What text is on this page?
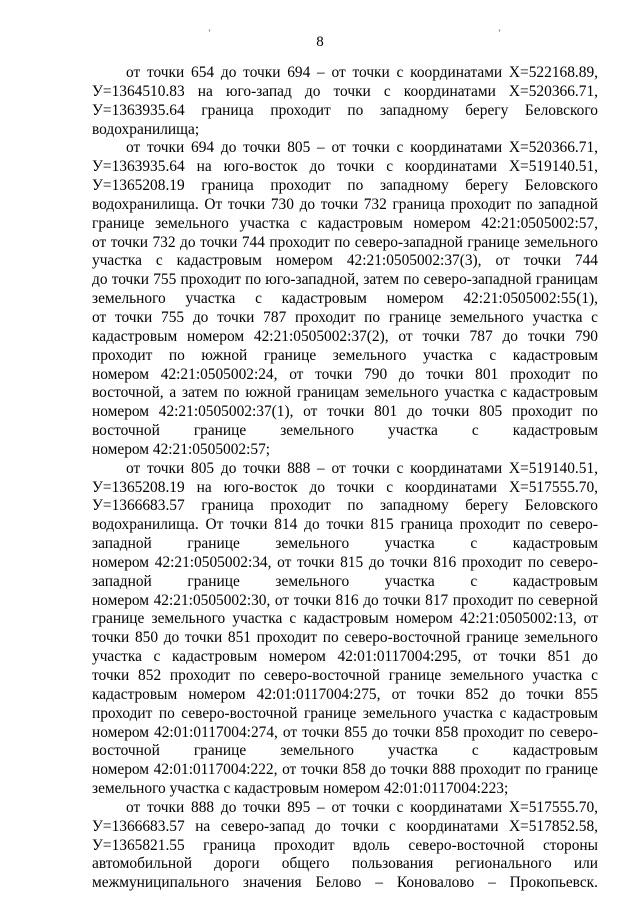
’	’
8
от точки 654 до точки 694 – от точки с координатами Х=522168.89,
У=1364510.83 на юго-запад до точки с координатами Х=520366.71,
У=1363935.64 граница проходит по западному берегу Беловского
водохранилища;
от точки 694 до точки 805 – от точки с координатами Х=520366.71,
У=1363935.64 на юго-восток до точки с координатами Х=519140.51,
У=1365208.19 граница проходит по западному берегу Беловского
водохранилища. От точки 730 до точки 732 граница проходит по западной
границе земельного участка с кадастровым номером 42:21:0505002:57,
от точки 732 до точки 744 проходит по северо-западной границе земельного
участка с кадастровым номером 42:21:0505002:37(3), от точки 744
до точки 755 проходит по юго-западной, затем по северо-западной границам
земельного участка с кадастровым номером 42:21:0505002:55(1),
от точки 755 до точки 787 проходит по границе земельного участка с
кадастровым номером 42:21:0505002:37(2), от точки 787 до точки 790
проходит по южной границе земельного участка с кадастровым
номером 42:21:0505002:24, от точки 790 до точки 801 проходит по
восточной, а затем по южной границам земельного участка с кадастровым
номером 42:21:0505002:37(1), от точки 801 до точки 805 проходит по
восточной границе земельного участка с кадастровым
номером 42:21:0505002:57;
от точки 805 до точки 888 – от точки с координатами Х=519140.51,
У=1365208.19 на юго-восток до точки с координатами Х=517555.70,
У=1366683.57 граница проходит по западному берегу Беловского
водохранилища. От точки 814 до точки 815 граница проходит по северо-
западной границе земельного участка с кадастровым
номером 42:21:0505002:34, от точки 815 до точки 816 проходит по северо-
западной границе земельного участка с кадастровым
номером 42:21:0505002:30, от точки 816 до точки 817 проходит по северной
границе земельного участка с кадастровым номером 42:21:0505002:13, от
точки 850 до точки 851 проходит по северо-восточной границе земельного
участка с кадастровым номером 42:01:0117004:295, от точки 851 до
точки 852 проходит по северо-восточной границе земельного участка с
кадастровым номером 42:01:0117004:275, от точки 852 до точки 855
проходит по северо-восточной границе земельного участка с кадастровым
номером 42:01:0117004:274, от точки 855 до точки 858 проходит по северо-
восточной границе земельного участка с кадастровым
номером 42:01:0117004:222, от точки 858 до точки 888 проходит по границе
земельного участка с кадастровым номером 42:01:0117004:223;
от точки 888 до точки 895 – от точки с координатами Х=517555.70,
У=1366683.57 на северо-запад до точки с координатами Х=517852.58,
У=1365821.55 граница проходит вдоль северо-восточной стороны
автомобильной дороги общего пользования регионального или
межмуниципального значения Белово – Коновалово – Прокопьевск.
